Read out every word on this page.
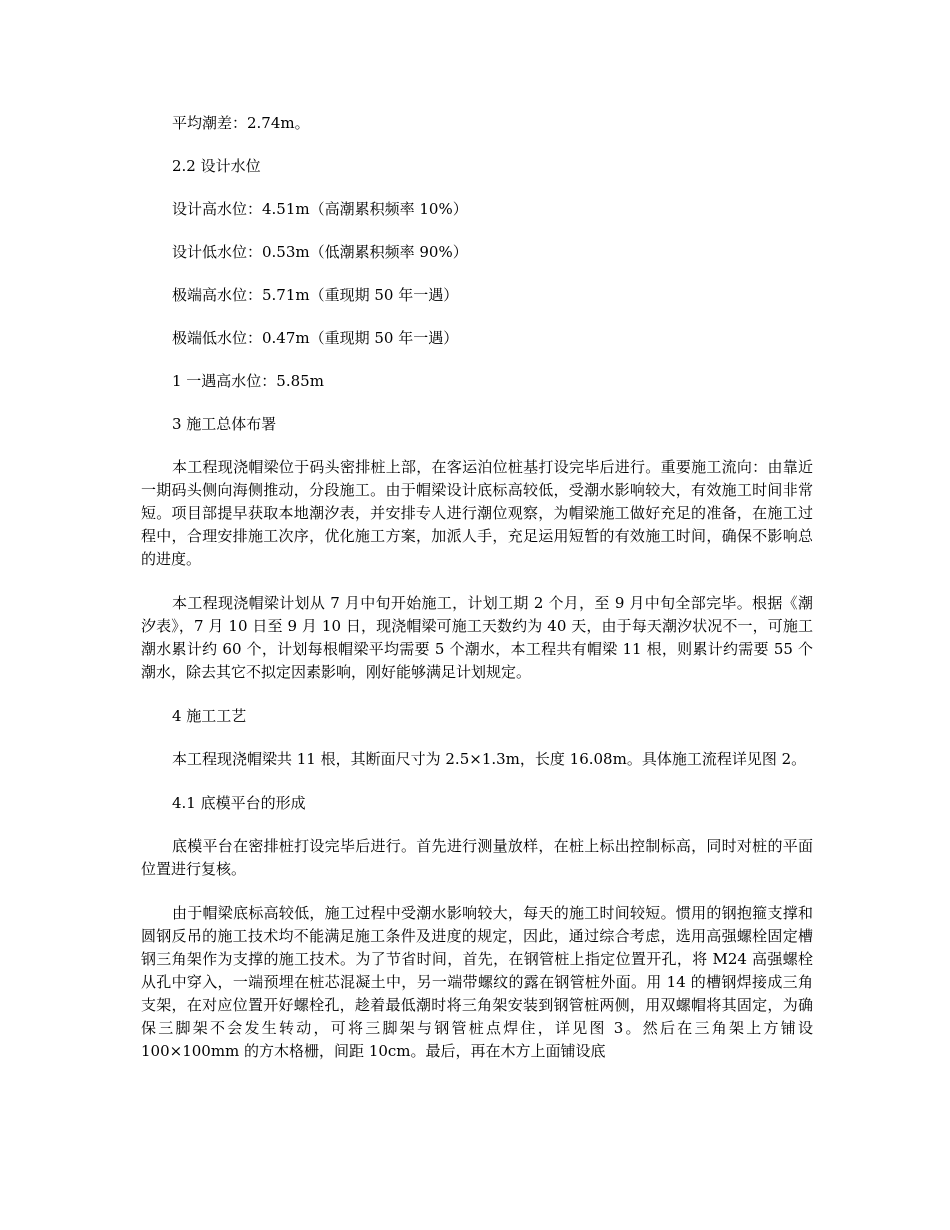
平均潮差：2.74m。
2.2 设计水位
设计高水位：4.51m（高潮累积频率 10%）
设计低水位：0.53m（低潮累积频率 90%）
极端高水位：5.71m（重现期 50 年一遇）
极端低水位：0.47m（重现期 50 年一遇）
1 一遇高水位：5.85m
3 施工总体布署

本工程现浇帽梁位于码头密排桩上部，在客运泊位桩基打设完毕后进行。重要施工流向：由靠近一期码头侧向海侧推动，分段施工。由于帽梁设计底标高较低，受潮水影响较大，有效施工时间非常短。项目部提早获取本地潮汐表，并安排专人进行潮位观察，为帽梁施工做好充足的准备，在施工过程中，合理安排施工次序，优化施工方案，加派人手，充足运用短暂的有效施工时间，确保不影响总的进度。

本工程现浇帽梁计划从 7 月中旬开始施工，计划工期 2 个月，至 9 月中旬全部完毕。根据《潮汐表》，7 月 10 日至 9 月 10 日，现浇帽梁可施工天数约为 40 天，由于每天潮汐状况不一，可施工潮水累计约 60 个，计划每根帽梁平均需要 5 个潮水，本工程共有帽梁 11 根，则累计约需要 55 个潮水，除去其它不拟定因素影响，刚好能够满足计划规定。

4 施工工艺

本工程现浇帽梁共 11 根，其断面尺寸为 2.5×1.3m，长度 16.08m。具体施工流程详见图 2。

4.1 底模平台的形成

底模平台在密排桩打设完毕后进行。首先进行测量放样，在桩上标出控制标高，同时对桩的平面位置进行复核。

由于帽梁底标高较低，施工过程中受潮水影响较大，每天的施工时间较短。惯用的钢抱箍支撑和圆钢反吊的施工技术均不能满足施工条件及进度的规定，因此，通过综合考虑，选用高强螺栓固定槽钢三角架作为支撑的施工技术。为了节省时间，首先，在钢管桩上指定位置开孔，将 M24 高强螺栓从孔中穿入，一端预埋在桩芯混凝土中，另一端带螺纹的露在钢管桩外面。用 14 的槽钢焊接成三角支架，在对应位置开好螺栓孔，趁着最低潮时将三角架安装到钢管桩两侧，用双螺帽将其固定，为确保三脚架不会发生转动，可将三脚架与钢管桩点焊住，详见图 3。然后在三角架上方铺设 100×100mm 的方木格栅，间距 10cm。最后，再在木方上面铺设底
